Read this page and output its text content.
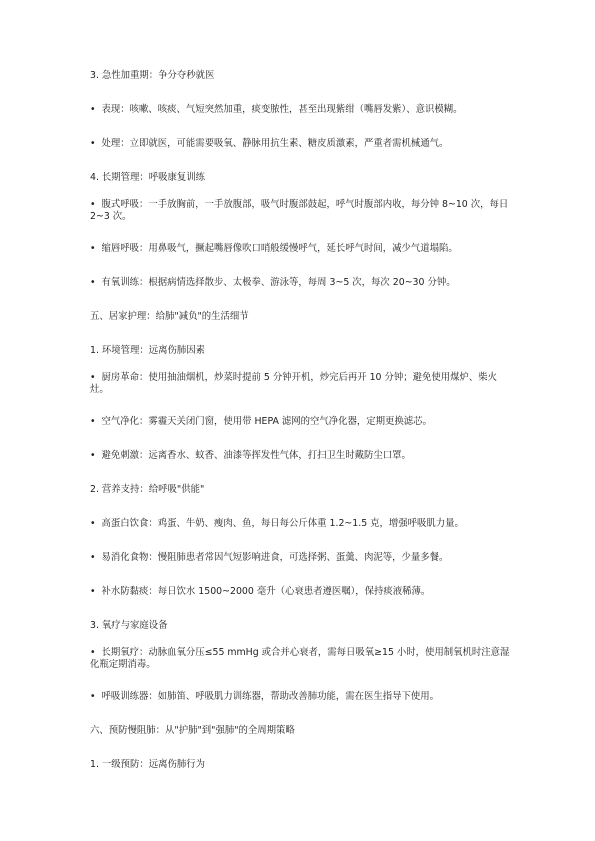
3. 急性加重期：争分夺秒就医
• 表现：咳嗽、咳痰、气短突然加重，痰变脓性，甚至出现紫绀（嘴唇发紫）、意识模糊。
• 处理：立即就医，可能需要吸氧、静脉用抗生素、糖皮质激素，严重者需机械通气。
4. 长期管理：呼吸康复训练
• 腹式呼吸：一手放胸前，一手放腹部，吸气时腹部鼓起，呼气时腹部内收，每分钟 8~10 次，每日 2~3 次。
• 缩唇呼吸：用鼻吸气，撅起嘴唇像吹口哨般缓慢呼气，延长呼气时间，减少气道塌陷。
• 有氧训练：根据病情选择散步、太极拳、游泳等，每周 3~5 次，每次 20~30 分钟。
五、居家护理：给肺"减负"的生活细节
1. 环境管理：远离伤肺因素
• 厨房革命：使用抽油烟机，炒菜时提前 5 分钟开机，炒完后再开 10 分钟；避免使用煤炉、柴火灶。
• 空气净化：雾霾天关闭门窗，使用带 HEPA 滤网的空气净化器，定期更换滤芯。
• 避免刺激：远离香水、蚊香、油漆等挥发性气体，打扫卫生时戴防尘口罩。
2. 营养支持：给呼吸"供能"
• 高蛋白饮食：鸡蛋、牛奶、瘦肉、鱼，每日每公斤体重 1.2~1.5 克，增强呼吸肌力量。
• 易消化食物：慢阻肺患者常因气短影响进食，可选择粥、蛋羹、肉泥等，少量多餐。
• 补水防黏痰：每日饮水 1500~2000 毫升（心衰患者遵医嘱），保持痰液稀薄。
3. 氧疗与家庭设备
• 长期氧疗：动脉血氧分压≤55 mmHg 或合并心衰者，需每日吸氧≥15 小时，使用制氧机时注意湿化瓶定期消毒。
• 呼吸训练器：如肺笛、呼吸肌力训练器，帮助改善肺功能，需在医生指导下使用。
六、预防慢阻肺：从"护肺"到"强肺"的全周期策略
1. 一级预防：远离伤肺行为
